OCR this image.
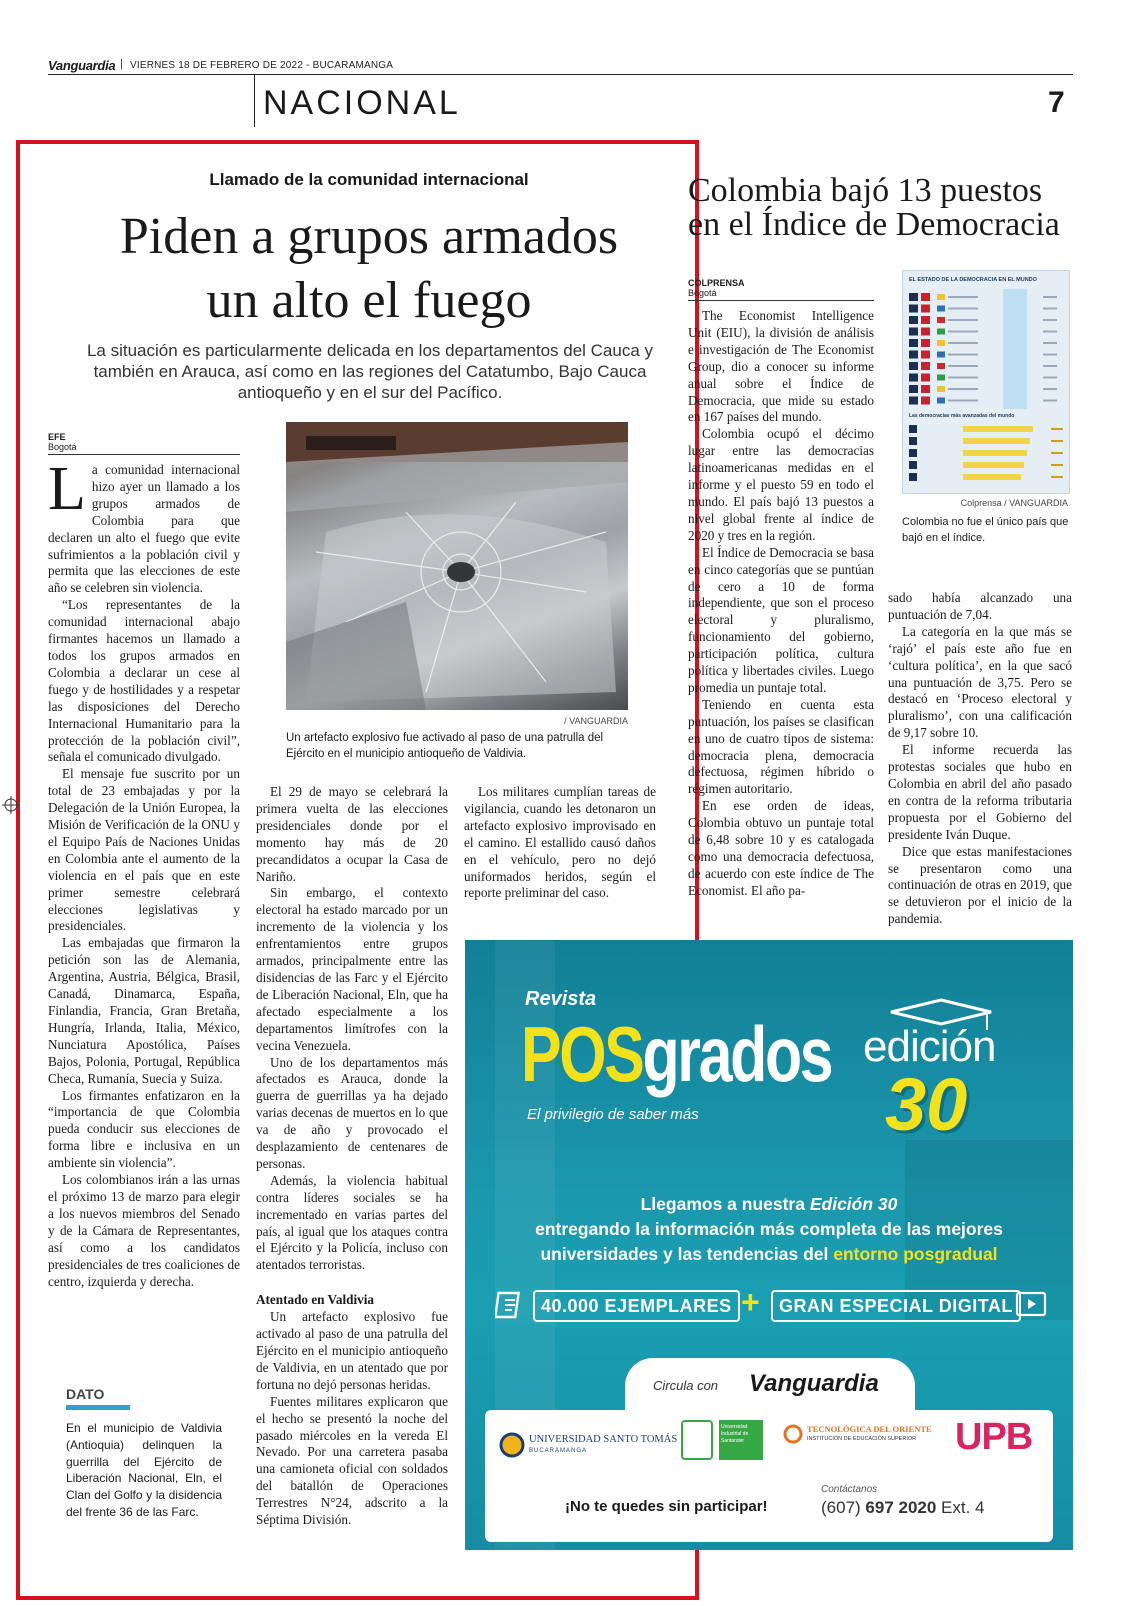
Vanguardia | VIERNES 18 DE FEBRERO DE 2022 - BUCARAMANGA
NACIONAL	7
Llamado de la comunidad internacional
Piden a grupos armados
un alto el fuego
La situación es particularmente delicada en los departamentos del Cauca y también en Arauca, así como en las regiones del Catatumbo, Bajo Cauca antioqueño y en el sur del Pacífico.
EFE
Bogotá

La comunidad internacional hizo ayer un llamado a los grupos armados de Colombia para que declaren un alto el fuego que evite sufrimientos a la población civil y permita que las elecciones de este año se celebren sin violencia.

“Los representantes de la comunidad internacional abajo firmantes hacemos un llamado a todos los grupos armados en Colombia a declarar un cese al fuego y de hostilidades y a respetar las disposiciones del Derecho Internacional Humanitario para la protección de la población civil”, señala el comunicado divulgado.

El mensaje fue suscrito por un total de 23 embajadas y por la Delegación de la Unión Europea, la Misión de Verificación de la ONU y el Equipo País de Naciones Unidas en Colombia ante el aumento de la violencia en el país que en este primer semestre celebrará elecciones legislativas y presidenciales.

Las embajadas que firmaron la petición son las de Alemania, Argentina, Austria, Bélgica, Brasil, Canadá, Dinamarca, España, Finlandia, Francia, Gran Bretaña, Hungría, Irlanda, Italia, México, Nunciatura Apostólica, Países Bajos, Polonia, Portugal, República Checa, Rumanía, Suecia y Suiza.

Los firmantes enfatizaron en la “importancia de que Colombia pueda conducir sus elecciones de forma libre e inclusiva en un ambiente sin violencia”.

Los colombianos irán a las urnas el próximo 13 de marzo para elegir a los nuevos miembros del Senado y de la Cámara de Representantes, así como a los candidatos presidenciales de tres coaliciones de centro, izquierda y derecha.

/ VANGUARDIA
Un artefacto explosivo fue activado al paso de una patrulla del Ejército en el municipio antioqueño de Valdivia.

El 29 de mayo se celebrará la primera vuelta de las elecciones presidenciales donde por el momento hay más de 20 precandidatos a ocupar la Casa de Nariño.

Sin embargo, el contexto electoral ha estado marcado por un incremento de la violencia y los enfrentamientos entre grupos armados, principalmente entre las disidencias de las Farc y el Ejército de Liberación Nacional, Eln, que ha afectado especialmente a los departamentos limítrofes con la vecina Venezuela.

Uno de los departamentos más afectados es Arauca, donde la guerra de guerrillas ya ha dejado varias decenas de muertos en lo que va de año y provocado el desplazamiento de centenares de personas.

Además, la violencia habitual contra líderes sociales se ha incrementado en varias partes del país, al igual que los ataques contra el Ejército y la Policía, incluso con atentados terroristas.

Atentado en Valdivia

Un artefacto explosivo fue activado al paso de una patrulla del Ejército en el municipio antioqueño de Valdivia, en un atentado que por fortuna no dejó personas heridas.

Fuentes militares explicaron que el hecho se presentó la noche del pasado miércoles en la vereda El Nevado. Por una carretera pasaba una camioneta oficial con soldados del batallón de Operaciones Terrestres N°24, adscrito a la Séptima División.

Los militares cumplían tareas de vigilancia, cuando les detonaron un artefacto explosivo improvisado en el camino. El estallido causó daños en el vehículo, pero no dejó uniformados heridos, según el reporte preliminar del caso.

DATO
En el municipio de Valdivia (Antioquia) delinquen la guerrilla del Ejército de Liberación Nacional, Eln, el Clan del Golfo y la disidencia del frente 36 de las Farc.
Colombia bajó 13 puestos en el Índice de Democracia
COLPRENSA
Bogotá

The Economist Intelligence Unit (EIU), la división de análisis e investigación de The Economist Group, dio a conocer su informe anual sobre el Índice de Democracia, que mide su estado en 167 países del mundo.

Colombia ocupó el décimo lugar entre las democracias latinoamericanas medidas en el informe y el puesto 59 en todo el mundo. El país bajó 13 puestos a nivel global frente al índice de 2020 y tres en la región.

El Índice de Democracia se basa en cinco categorías que se puntúan de cero a 10 de forma independiente, que son el proceso electoral y pluralismo, funcionamiento del gobierno, participación política, cultura política y libertades civiles. Luego promedia un puntaje total.

Teniendo en cuenta esta puntuación, los países se clasifican en uno de cuatro tipos de sistema: democracia plena, democracia defectuosa, régimen híbrido o régimen autoritario.

En ese orden de ideas, Colombia obtuvo un puntaje total de 6,48 sobre 10 y es catalogada como una democracia defectuosa, de acuerdo con este índice de The Economist. El año pa-

EL ESTADO DE LA DEMOCRACIA EN EL MUNDO
Las democracias más avanzadas del mundo
Colprensa / VANGUARDIA
Colombia no fue el único país que bajó en el índice.

sado había alcanzado una puntuación de 7,04.

La categoría en la que más se ‘rajó’ el país este año fue en ‘cultura política’, en la que sacó una puntuación de 3,75. Pero se destacó en ‘Proceso electoral y pluralismo’, con una calificación de 9,17 sobre 10.

El informe recuerda las protestas sociales que hubo en Colombia en abril del año pasado en contra de la reforma tributaria propuesta por el Gobierno del presidente Iván Duque.

Dice que estas manifestaciones se presentaron como una continuación de otras en 2019, que se detuvieron por el inicio de la pandemia.

Revista
POSgrados
El privilegio de saber más
edición
30
Llegamos a nuestra Edición 30
entregando la información más completa de las mejores
universidades y las tendencias del entorno posgradual
40.000 EJEMPLARES +	GRAN ESPECIAL DIGITAL
Circula con Vanguardia
UNIVERSIDAD SANTO TOMÁS
BUCARAMANGA
Universidad Industrial de Santander
TECNOLÓGICA DEL ORIENTE
INSTITUCIÓN DE EDUCACIÓN SUPERIOR UPB
¡No te quedes sin participar!
Contáctanos
(607) 697 2020 Ext. 4
